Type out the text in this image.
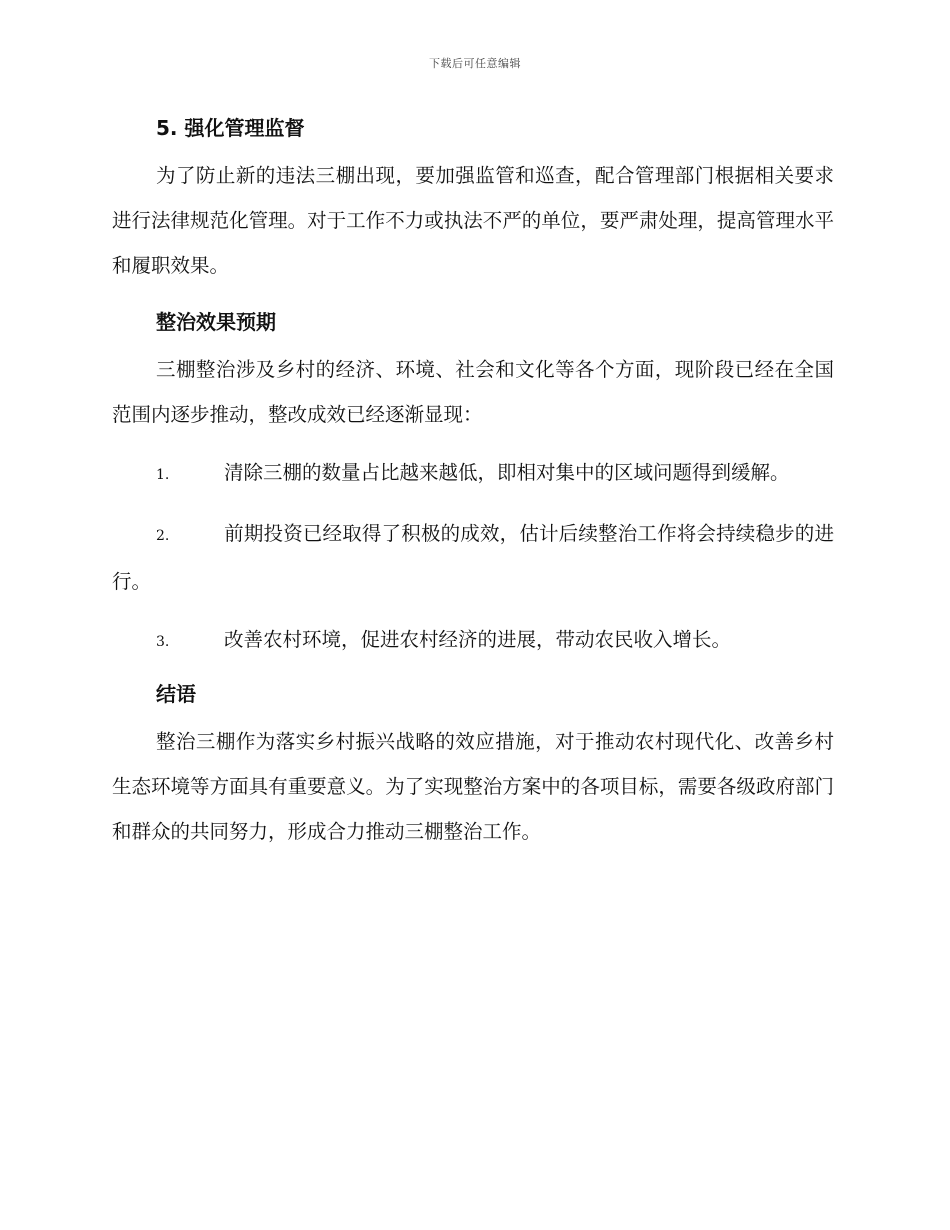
下载后可任意编辑
5. 强化管理监督

为了防止新的违法三棚出现，要加强监管和巡查，配合管理部门根据相关要求进行法律规范化管理。对于工作不力或执法不严的单位，要严肃处理，提高管理水平和履职效果。

整治效果预期

三棚整治涉及乡村的经济、环境、社会和文化等各个方面，现阶段已经在全国范围内逐步推动，整改成效已经逐渐显现：

1.	清除三棚的数量占比越来越低，即相对集中的区域问题得到缓解。

2.	前期投资已经取得了积极的成效，估计后续整治工作将会持续稳步的进行。

3.	改善农村环境，促进农村经济的进展，带动农民收入增长。

结语

整治三棚作为落实乡村振兴战略的效应措施，对于推动农村现代化、改善乡村生态环境等方面具有重要意义。为了实现整治方案中的各项目标，需要各级政府部门和群众的共同努力，形成合力推动三棚整治工作。
